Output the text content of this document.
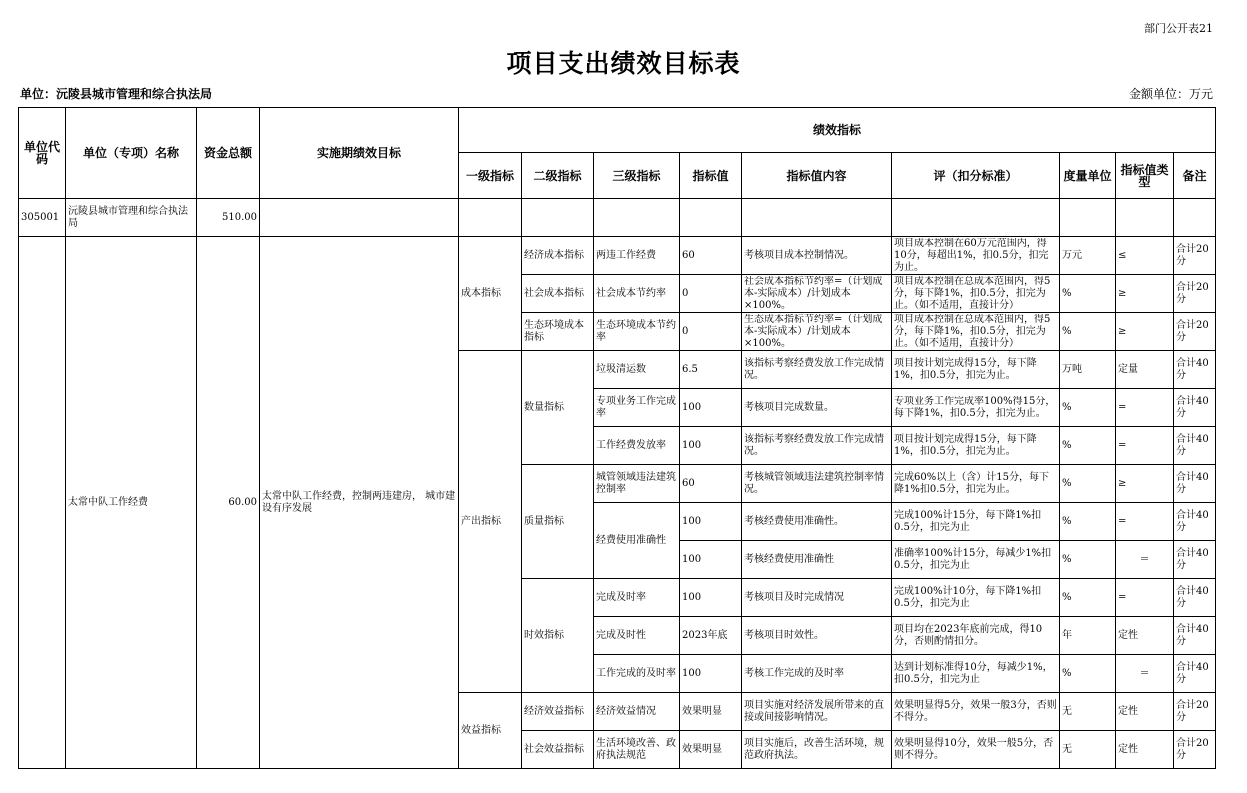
部门公开表21
项目支出绩效目标表
单位：沅陵县城市管理和综合执法局	金额单位：万元
单位代码	单位（专项）名称	资金总额	实施期绩效目标	绩效指标								
				一级指标	二级指标	三级指标	指标值	指标值内容	评（扣分标准）	度量单位	指标值类型	备注
305001	沅陵县城市管理和综合执法局	510.00										
	太常中队工作经费	60.00	太常中队工作经费，控制两违建房， 城市建设有序发展	成本指标	经济成本指标	两违工作经费	60	考核项目成本控制情况。	项目成本控制在60万元范围内，得10分，每超出1%，扣0.5分，扣完为止。	万元	≤	合计20分
					社会成本指标	社会成本节约率	0	社会成本指标节约率=（计划成本-实际成本）/计划成本×100%。	项目成本控制在总成本范围内，得5分，每下降1%，扣0.5分，扣完为止。（如不适用，直接计分）	%	≥	合计20分
					生态环境成本指标	生态环境成本节约率	0	生态成本指标节约率=（计划成本-实际成本）/计划成本×100%。	项目成本控制在总成本范围内，得5分，每下降1%，扣0.5分，扣完为止。（如不适用，直接计分）	%	≥	合计20分
				产出指标	数量指标	垃圾清运数	6.5	该指标考察经费发放工作完成情况。	项目按计划完成得15分，每下降1%，扣0.5分，扣完为止。	万吨	定量	合计40分
						专项业务工作完成率	100	考核项目完成数量。	专项业务工作完成率100%得15分，每下降1%，扣0.5分，扣完为止。	%	=	合计40分
						工作经费发放率	100	该指标考察经费发放工作完成情况。	项目按计划完成得15分，每下降1%，扣0.5分，扣完为止。	%	=	合计40分
					质量指标	城管领域违法建筑控制率	60	考核城管领域违法建筑控制率情况。	完成60%以上（含）计15分，每下降1%扣0.5分，扣完为止。	%	≥	合计40分
						经费使用准确性	100	考核经费使用准确性。	完成100%计15分，每下降1%扣0.5分，扣完为止	%	=	合计40分
							100	考核经费使用准确性	准确率100%计15分，每减少1%扣0.5分，扣完为止	%	＝	合计40分
					时效指标	完成及时率	100	考核项目及时完成情况	完成100%计10分，每下降1%扣0.5分，扣完为止	%	=	合计40分
						完成及时性	2023年底	考核项目时效性。	项目均在2023年底前完成，得10分，否则酌情扣分。	年	定性	合计40分
						工作完成的及时率	100	考核工作完成的及时率	达到计划标准得10分，每减少1%，扣0.5分，扣完为止	%	＝	合计40分
				效益指标	经济效益指标	经济效益情况	效果明显	项目实施对经济发展所带来的直接或间接影响情况。	效果明显得5分，效果一般3分，否则不得分。	无	定性	合计20分
					社会效益指标	生活环境改善、政府执法规范	效果明显	项目实施后，改善生活环境，规范政府执法。	效果明显得10分，效果一般5分，否则不得分。	无	定性	合计20分
